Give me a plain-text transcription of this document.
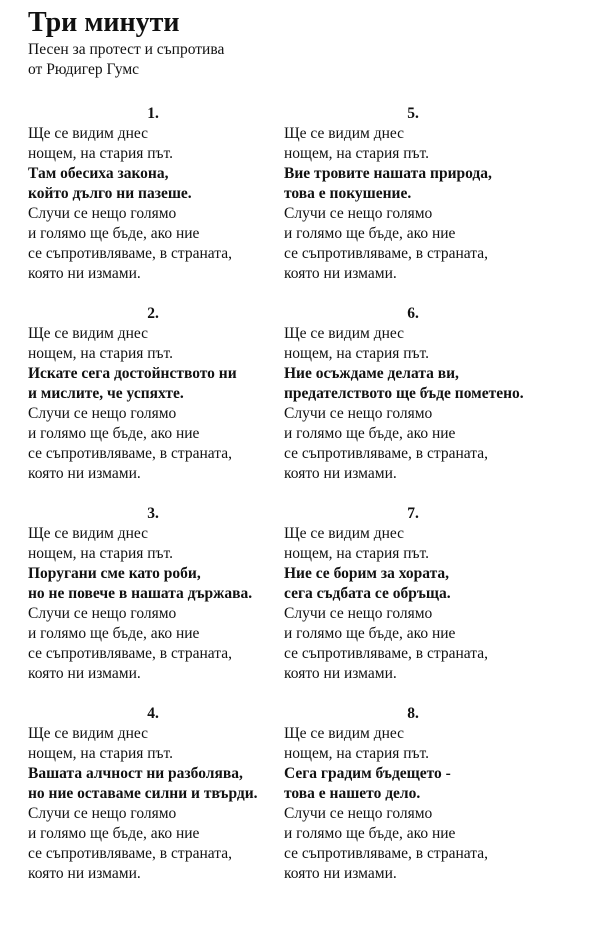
Три минути
Песен за протест и съпротива
от Рюдигер Гумс
1.
Ще се видим днес
нощем, на стария път.
Там обесиха закона,
който дълго ни пазеше.
Случи се нещо голямо
и голямо ще бъде, ако ние
се съпротивляваме, в страната,
която ни измами.
2.
Ще се видим днес
нощем, на стария път.
Искате сега достойнството ни
и мислите, че успяхте.
Случи се нещо голямо
и голямо ще бъде, ако ние
се съпротивляваме, в страната,
която ни измами.
3.
Ще се видим днес
нощем, на стария път.
Поругани сме като роби,
но не повече в нашата държава.
Случи се нещо голямо
и голямо ще бъде, ако ние
се съпротивляваме, в страната,
която ни измами.
4.
Ще се видим днес
нощем, на стария път.
Вашата алчност ни разболява,
но ние оставаме силни и твърди.
Случи се нещо голямо
и голямо ще бъде, ако ние
се съпротивляваме, в страната,
която ни измами.
5.
Ще се видим днес
нощем, на стария път.
Вие тровите нашата природа,
това е покушение.
Случи се нещо голямо
и голямо ще бъде, ако ние
се съпротивляваме, в страната,
която ни измами.
6.
Ще се видим днес
нощем, на стария път.
Ние осъждаме делата ви,
предателството ще бъде пометено.
Случи се нещо голямо
и голямо ще бъде, ако ние
се съпротивляваме, в страната,
която ни измами.
7.
Ще се видим днес
нощем, на стария път.
Ние се борим за хората,
сега съдбата се обръща.
Случи се нещо голямо
и голямо ще бъде, ако ние
се съпротивляваме, в страната,
която ни измами.
8.
Ще се видим днес
нощем, на стария път.
Сега градим бъдещето -
това е нашето дело.
Случи се нещо голямо
и голямо ще бъде, ако ние
се съпротивляваме, в страната,
която ни измами.
